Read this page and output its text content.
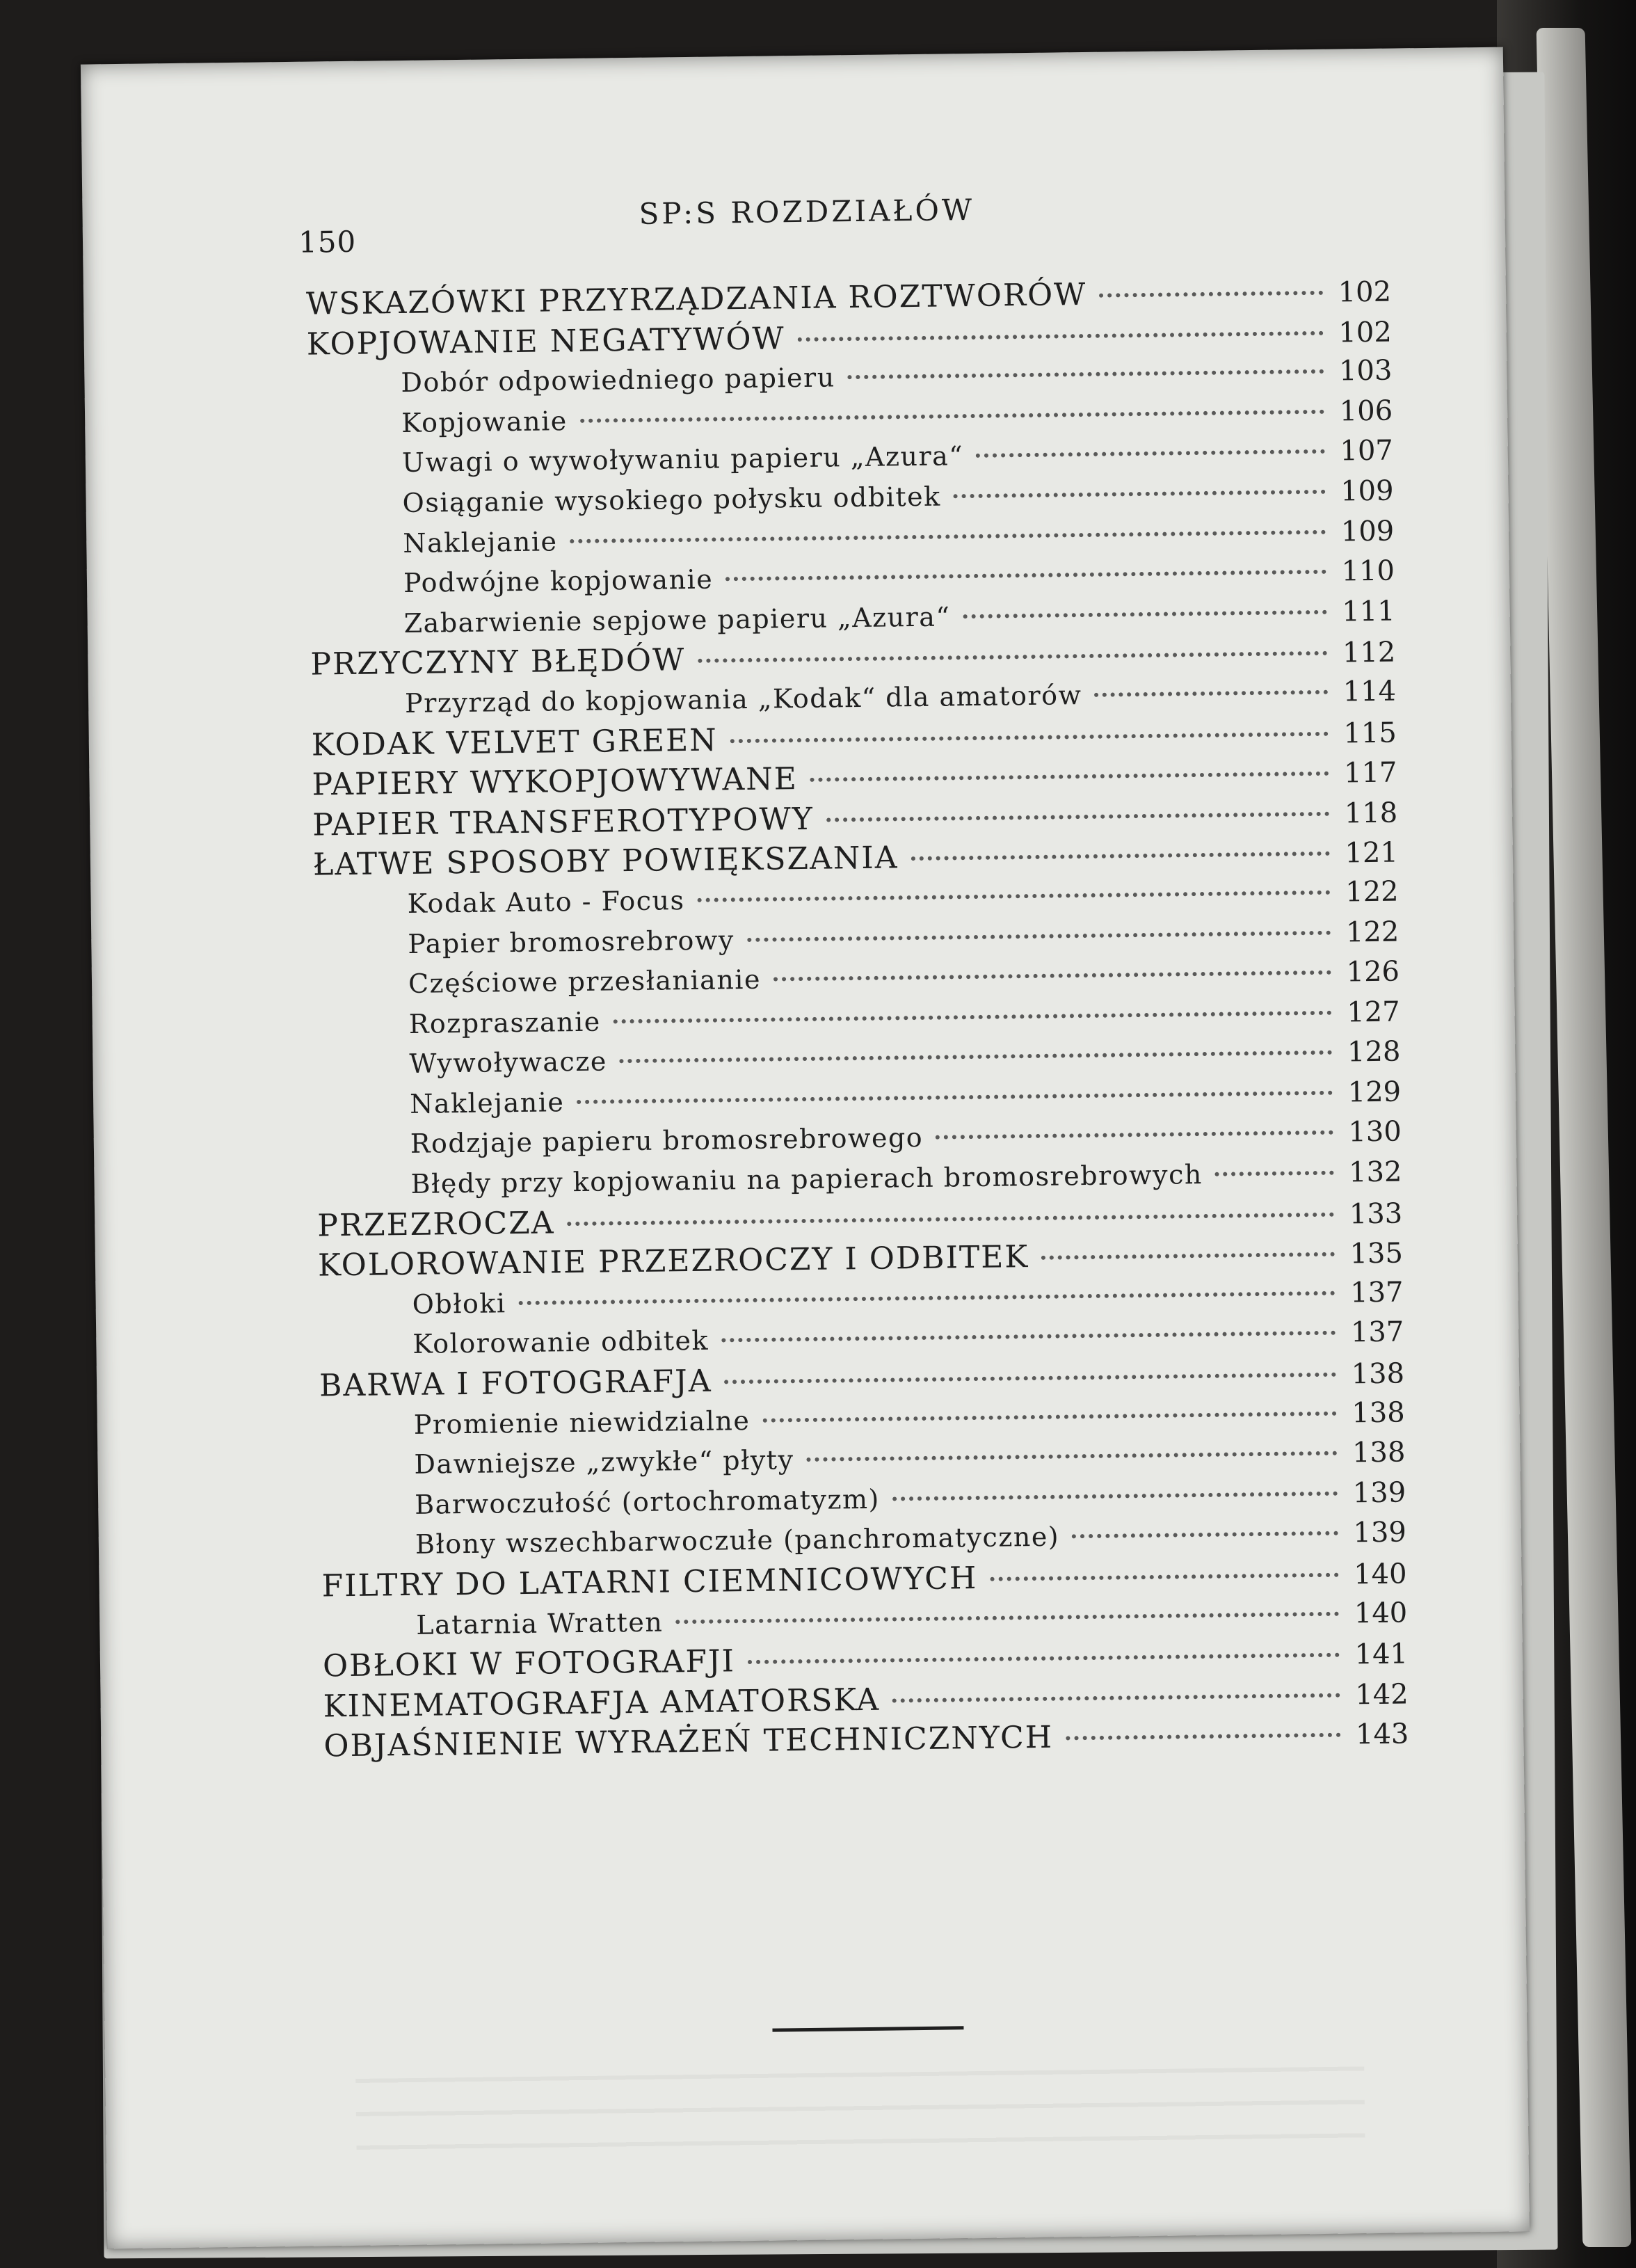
150
SP:S ROZDZIAŁÓW
WSKAZÓWKI PRZYRZĄDZANIA ROZTWORÓW	102
KOPJOWANIE NEGATYWÓW	102
Dobór odpowiedniego papieru	103
Kopjowanie	106
Uwagi o wywoływaniu papieru „Azura“	107
Osiąganie wysokiego połysku odbitek	109
Naklejanie	109
Podwójne kopjowanie	110
Zabarwienie sepjowe papieru „Azura“	111
PRZYCZYNY BŁĘDÓW	112
Przyrząd do kopjowania „Kodak“ dla amatorów	114
KODAK VELVET GREEN	115
PAPIERY WYKOPJOWYWANE	117
PAPIER TRANSFEROTYPOWY	118
ŁATWE SPOSOBY POWIĘKSZANIA	121
Kodak Auto - Focus	122
Papier bromosrebrowy	122
Częściowe przesłanianie	126
Rozpraszanie	127
Wywoływacze	128
Naklejanie	129
Rodzjaje papieru bromosrebrowego	130
Błędy przy kopjowaniu na papierach bromosrebrowych	132
PRZEZROCZA	133
KOLOROWANIE PRZEZROCZY I ODBITEK	135
Obłoki	137
Kolorowanie odbitek	137
BARWA I FOTOGRAFJA	138
Promienie niewidzialne	138
Dawniejsze „zwykłe“ płyty	138
Barwoczułość (ortochromatyzm)	139
Błony wszechbarwoczułe (panchromatyczne)	139
FILTRY DO LATARNI CIEMNICOWYCH	140
Latarnia Wratten	140
OBŁOKI W FOTOGRAFJI	141
KINEMATOGRAFJA AMATORSKA	142
OBJAŚNIENIE WYRAŻEŃ TECHNICZNYCH	143
